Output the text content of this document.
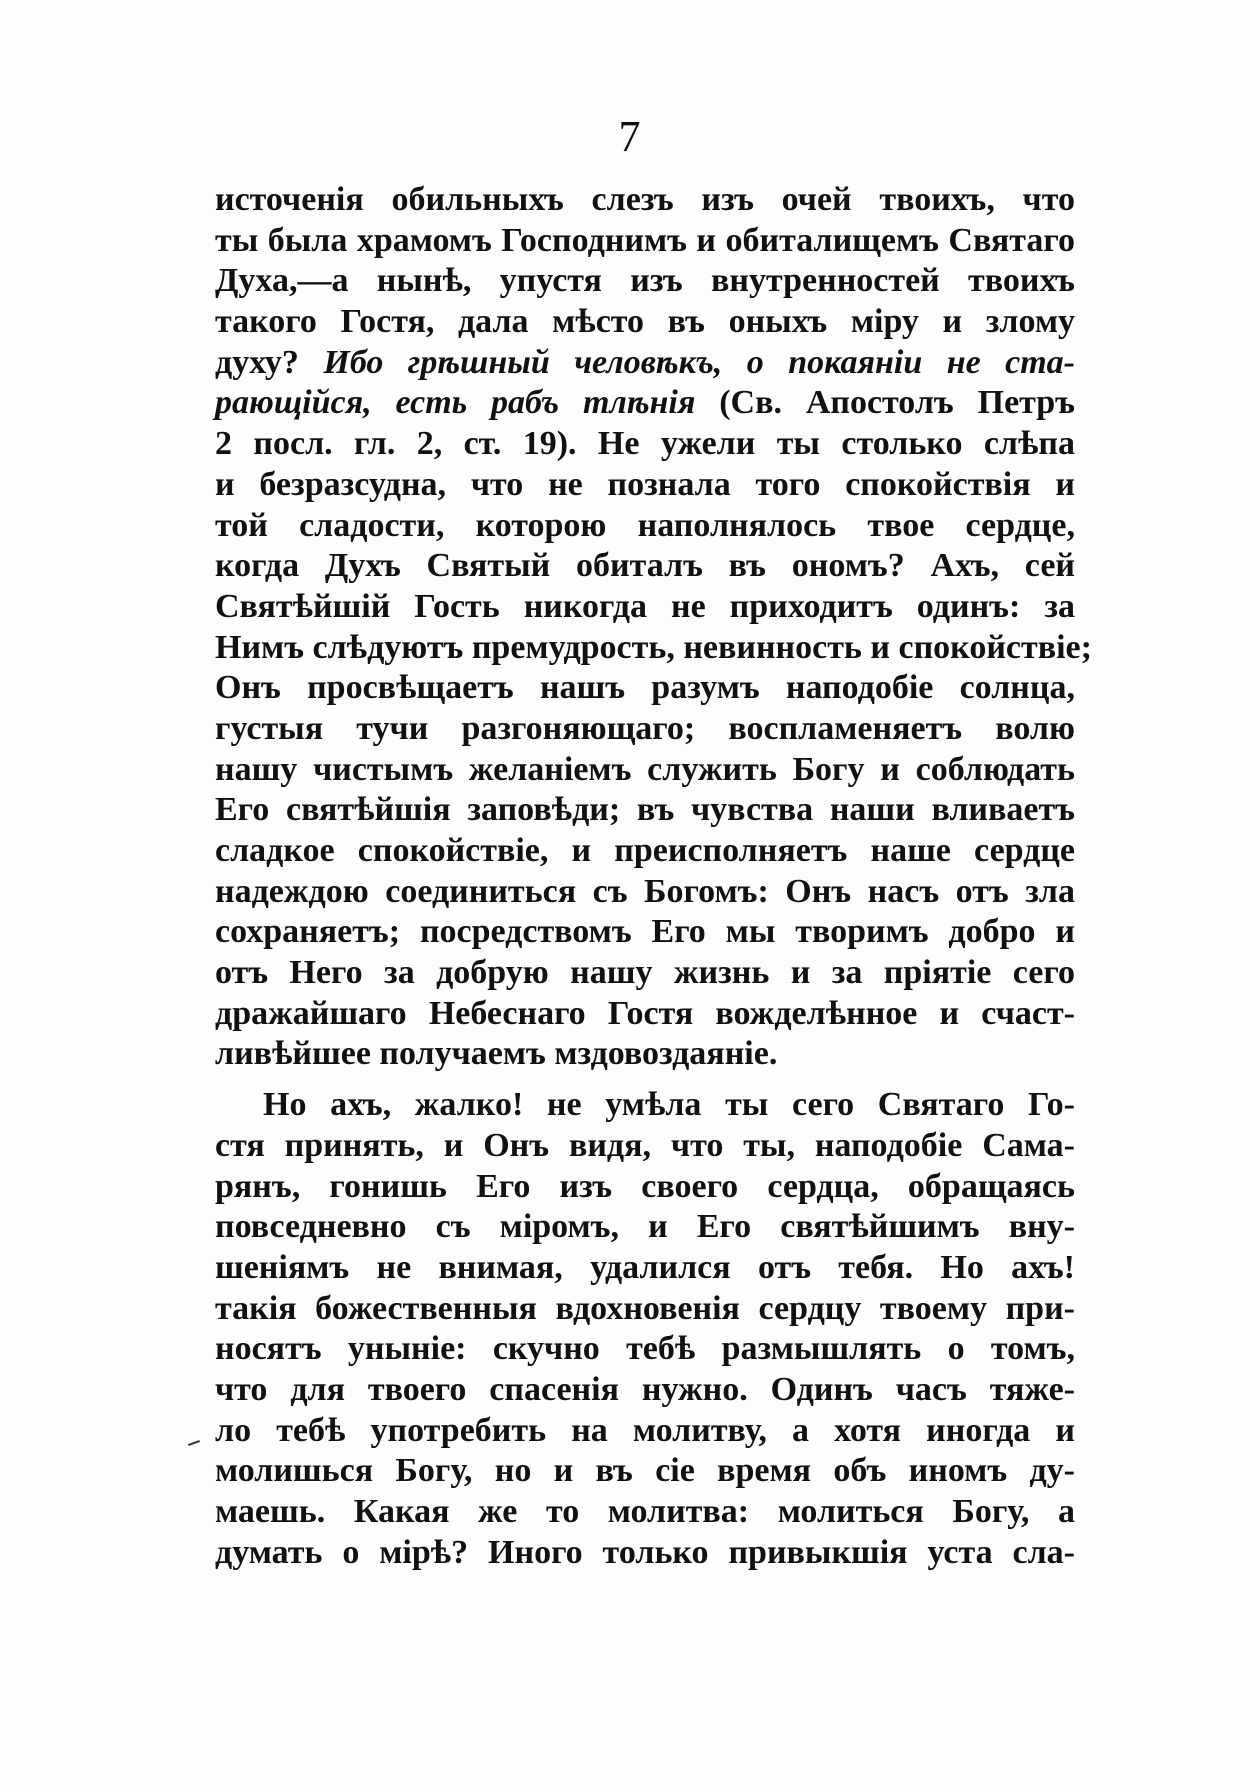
7
источенія обильныхъ слезъ изъ очей твоихъ, что
ты была храмомъ Господнимъ и обиталищемъ Святаго
Духа,—а нынѣ, упустя изъ внутренностей твоихъ
такого Гостя, дала мѣсто въ оныхъ міру и злому
духу? Ибо грѣшный человѣкъ, о покаяніи не ста-
рающійся, есть рабъ тлѣнія (Св. Апостолъ Петръ
2 посл. гл. 2, ст. 19). Не ужели ты столько слѣпа
и безразсудна, что не познала того спокойствія и
той сладости, которою наполнялось твое сердце,
когда Духъ Святый обиталъ въ ономъ? Ахъ, сей
Святѣйшій Гость никогда не приходитъ одинъ: за
Нимъ слѣдуютъ премудрость, невинность и спокойствіе;
Онъ просвѣщаетъ нашъ разумъ наподобіе солнца,
густыя тучи разгоняющаго; воспламеняетъ волю
нашу чистымъ желаніемъ служить Богу и соблюдать
Его святѣйшія заповѣди; въ чувства наши вливаетъ
сладкое спокойствіе, и преисполняетъ наше сердце
надеждою соединиться съ Богомъ: Онъ насъ отъ зла
сохраняетъ; посредствомъ Его мы творимъ добро и
отъ Него за добрую нашу жизнь и за пріятіе сего
дражайшаго Небеснаго Гостя вожделѣнное и счаст-
ливѣйшее получаемъ мздовоздаяніе.
Но ахъ, жалко! не умѣла ты сего Святаго Го-
стя принять, и Онъ видя, что ты, наподобіе Сама-
рянъ, гонишь Его изъ своего сердца, обращаясь
повседневно съ міромъ, и Его святѣйшимъ вну-
шеніямъ не внимая, удалился отъ тебя. Но ахъ!
такія божественныя вдохновенія сердцу твоему при-
носятъ уныніе: скучно тебѣ размышлять о томъ,
что для твоего спасенія нужно. Одинъ часъ тяже-
ло тебѣ употребить на молитву, а хотя иногда и
молишься Богу, но и въ сіе время объ иномъ ду-
маешь. Какая же то молитва: молиться Богу, а
думать о мірѣ? Иного только привыкшія уста сла-
